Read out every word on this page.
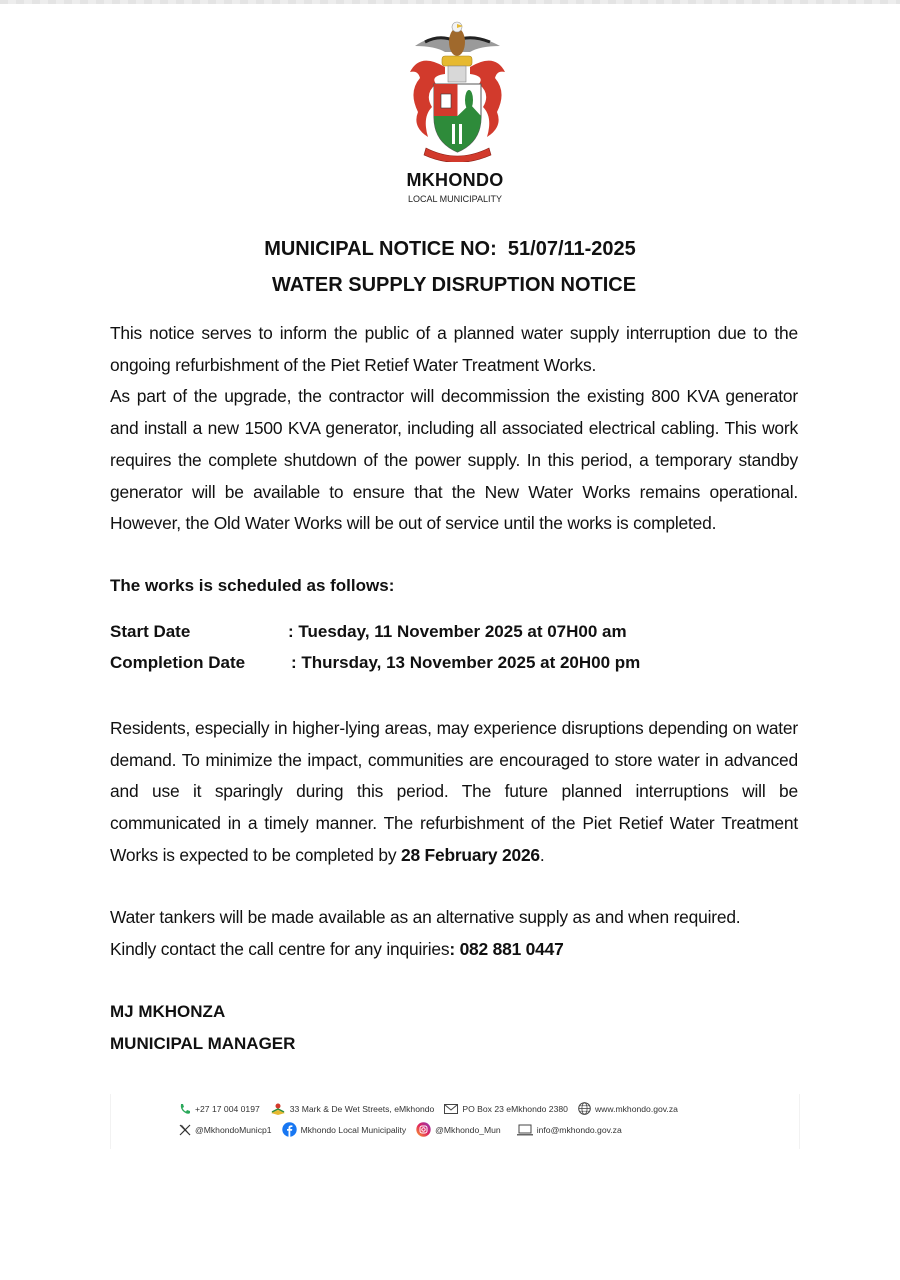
MKHONDO
LOCAL MUNICIPALITY
MUNICIPAL NOTICE NO:  51/07/11-2025
WATER SUPPLY DISRUPTION NOTICE
This notice serves to inform the public of a planned water supply interruption due to the ongoing refurbishment of the Piet Retief Water Treatment Works.
As part of the upgrade, the contractor will decommission the existing 800 KVA generator and install a new 1500 KVA generator, including all associated electrical cabling. This work requires the complete shutdown of the power supply. In this period, a temporary standby generator will be available to ensure that the New Water Works remains operational. However, the Old Water Works will be out of service until the works is completed.
The works is scheduled as follows:
Start Date	: Tuesday, 11 November 2025 at 07H00 am
Completion Date	: Thursday, 13 November 2025 at 20H00 pm
Residents, especially in higher-lying areas, may experience disruptions depending on water demand. To minimize the impact, communities are encouraged to store water in advanced and use it sparingly during this period. The future planned interruptions will be communicated in a timely manner. The refurbishment of the Piet Retief Water Treatment Works is expected to be completed by 28 February 2026.
Water tankers will be made available as an alternative supply as and when required.
Kindly contact the call centre for any inquiries: 082 881 0447
MJ MKHONZA
MUNICIPAL MANAGER
+27 17 004 0197	33 Mark & De Wet Streets, eMkhondo	PO Box 23 eMkhondo 2380	www.mkhondo.gov.za
@MkhondoMunicp1	Mkhondo Local Municipality	@Mkhondo_Mun	info@mkhondo.gov.za
